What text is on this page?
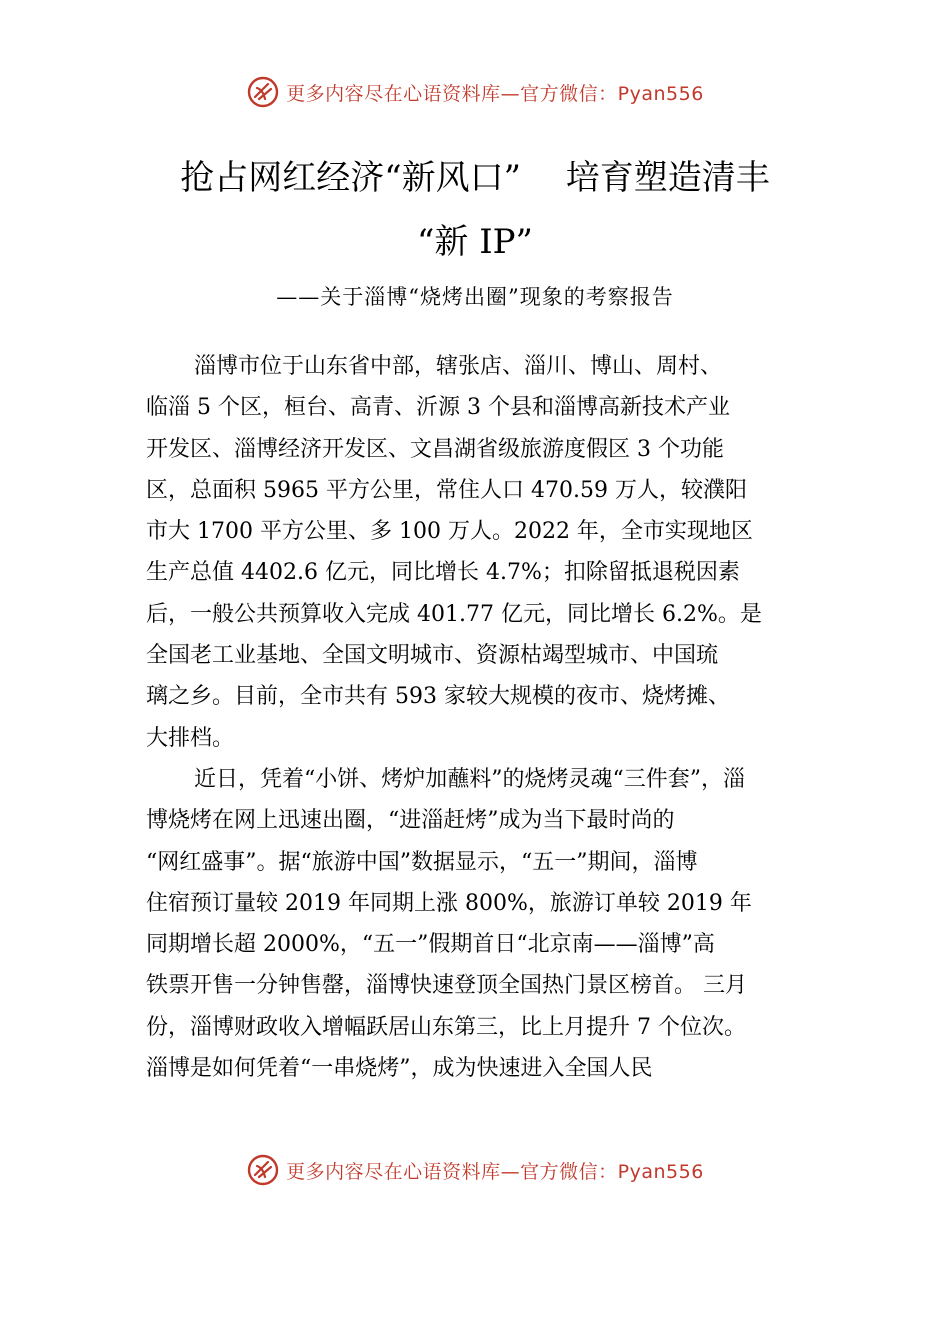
更多内容尽在心语资料库—官方微信：Pyan556
抢占网红经济“新风口”　 培育塑造清丰
“新 IP”
——关于淄博“烧烤出圈”现象的考察报告
淄博市位于山东省中部，辖张店、淄川、博山、周村、
临淄 5 个区，桓台、高青、沂源 3 个县和淄博高新技术产业
开发区、淄博经济开发区、文昌湖省级旅游度假区 3 个功能
区，总面积 5965 平方公里，常住人口 470.59 万人，较濮阳
市大 1700 平方公里、多 100 万人。2022 年，全市实现地区
生产总值 4402.6 亿元，同比增长 4.7%；扣除留抵退税因素
后，一般公共预算收入完成 401.77 亿元，同比增长 6.2%。是
全国老工业基地、全国文明城市、资源枯竭型城市、中国琉
璃之乡。目前，全市共有 593 家较大规模的夜市、烧烤摊、
大排档。
近日，凭着“小饼、烤炉加蘸料”的烧烤灵魂“三件套”，淄
博烧烤在网上迅速出圈，“进淄赶烤”成为当下最时尚的
“网红盛事”。据“旅游中国”数据显示，“五一”期间，淄博
住宿预订量较 2019 年同期上涨 800%，旅游订单较 2019 年
同期增长超 2000%，“五一”假期首日“北京南——淄博”高
铁票开售一分钟售罄，淄博快速登顶全国热门景区榜首。 三月
份，淄博财政收入增幅跃居山东第三，比上月提升 7 个位次。
淄博是如何凭着“一串烧烤”，成为快速进入全国人民
更多内容尽在心语资料库—官方微信：Pyan556
